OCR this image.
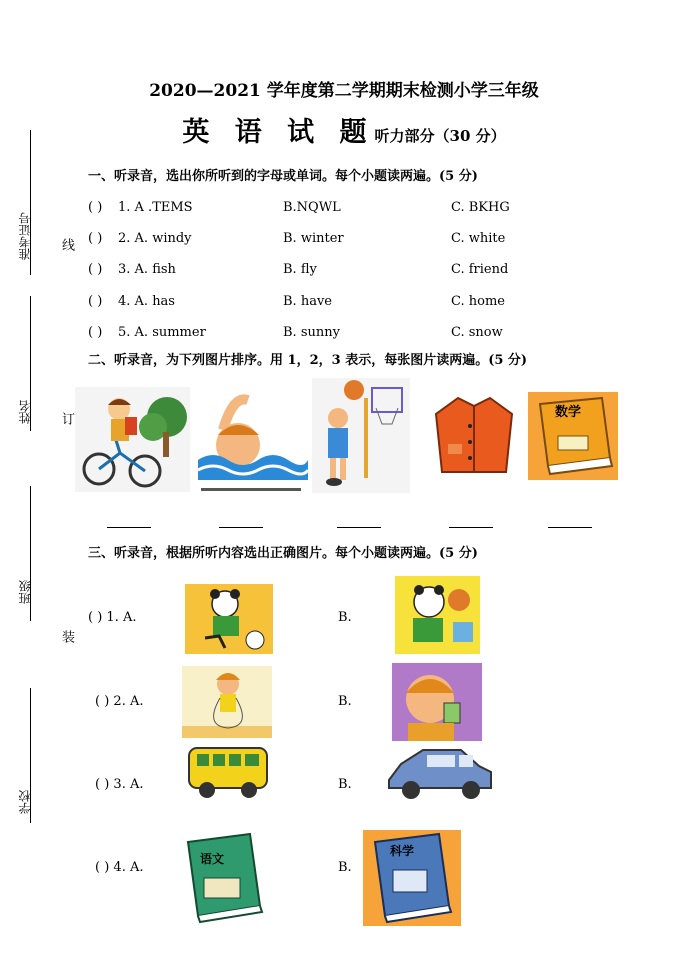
2020—2021 学年度第二学期期末检测小学三年级
英 语 试 题听力部分（30 分）
准考证号
姓名
班级
学校
线
订
装
一、听录音，选出你所听到的字母或单词。每个小题读两遍。(5 分)
( ) 1. A .TEMS	B.NQWL	C. BKHG
( ) 2. A. windy	B. winter	C. white
( ) 3. A. fish	B. fly	C. friend
( ) 4. A. has	B. have	C. home
( ) 5. A. summer	B. sunny	C. snow
二、听录音，为下列图片排序。用 1，2，3 表示，每张图片读两遍。(5 分)
数学
三、听录音，根据所听内容选出正确图片。每个小题读两遍。(5 分)
( ) 1. A.	B.
( ) 2. A.	B.
( ) 3. A.	B.
( ) 4. A.
语文
B.
科学
